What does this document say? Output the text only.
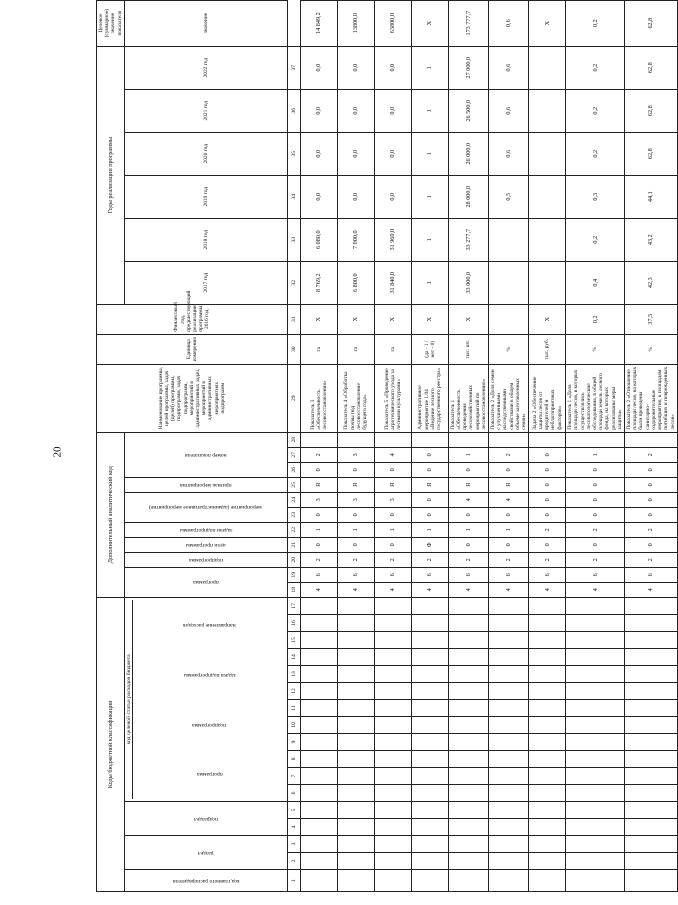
20
Коды бюджетной классификации																	Дополнительный аналитический код											Наименование программы, целей программы, задач (целей) программы, подпрограмм, задач подпрограмм, мероприятий в административных задач, мероприятий в административных мероприятиях подпрограмм	Единица измерения	Финансовый год, предшествующий реализации программы, 2016 год	Годы реализации программы						Целевое (суммарное) значение показателя

код главного распорядителя	раздел		подраздел		код целевой статьи расходов бюджета
программа
подпрограмма
задача подпрограммы
направление расходов												программа		подпрограмма	цели программы	задачи подпрограммы	мероприятие (административное мероприятие)		признак мероприятия	номер показателя						2017 год	2018 год	2019 год	2020 год	2021 год	2022 год	значение
1	2	3	4	5	6	7	8	9	10	11	12	13	14	15	16	17	18	19	20	21	22	23	24	25	26	27	28	29	30	31	32	33	34	35	36	37	
																	4	6	2	0	1	0	3	Я	0	2		Показатель 3 «Обеспеченность лесовосстановления»	га	Х	8 769,2	6 080,0	0,0	0,0	0,0	0,0	14 849,2
																	4	6	2	0	1	0	3	Я	0	3		Показатель 4 «Обработка почвы под лесовосстановление будущего года»	га	Х	6 800,0	7 000,0	0,0	0,0	0,0	0,0	13800,0
																	4	6	2	0	1	0	3	Я	0	4		Показатель 5 «Проведение агротехнического ухода за лесными культурами»	га	Х	31 840,0	31 960,0	0,0	0,0	0,0	0,0	63800,0
																	4	6	2	Ф	1	0	0	Я	0	0		Административное мероприятие 1.04 «Ведение лесного государственного реестра»	(да - 1 / нет - 0)	Х	1	1	1	1	1	1	Х
																	4	6	2	0	1	0	4	Я	0	1		Показатель 1 «Обеспеченность проведения лесохозяйственных мероприятий по лесовосстановлению»	тыс. шт.	Х	33 000,0	33 277,7	28 000,0	26 000,0	26 500,0	27 000,0	173 777,7
																	4	6	2	0	1	0	4	Я	0	2		Показатель 2 «Доля семян с улучшенными наследственными свойствами в общем объеме заготовленных семян»	%				0,5	0,6	0,6	0,6	0,6
																	4	6	2	0	2	0	0	0	0	0		Задача 2 «Обеспечение защиты лесов от вредителей и неблагоприятных факторов»	тыс. руб.	Х							Х
																	4	6	2	0	2	0	0	0	0	1		Показатель 1 «Доля площади лесов, в которых осуществлялись лесопатологические обследования, в общей площади земель лесного фонда, на которых реализованы меры защиты»	%	0,2	0,4	0,2	0,3	0,2	0,2	0,2	0,2
																	4	6	2	0	2	0	0	0	0	2		Показатель 2 «Отношение площади лесов, на которых были проведены санитарно-оздоровительные мероприятия, к площадям погибших и поврежденных лесов»	%	37,5	42,3	43,2	44,1	62,8	62,8	62,8	62,8
